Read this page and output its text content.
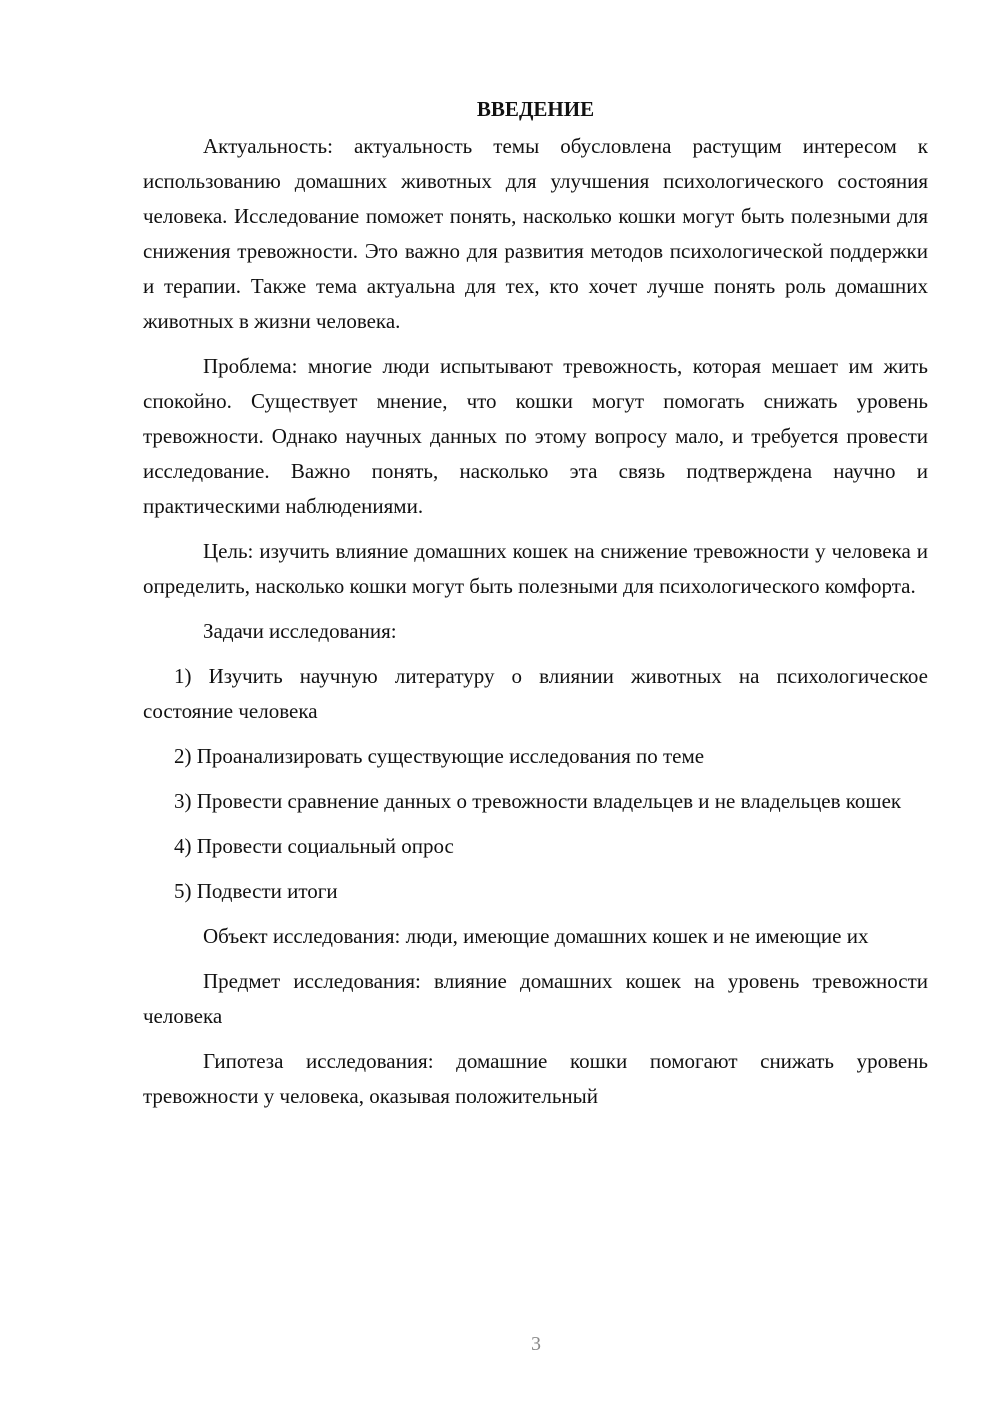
ВВЕДЕНИЕ

Актуальность: актуальность темы обусловлена растущим интересом к использованию домашних животных для улучшения психологического состояния человека. Исследование поможет понять, насколько кошки могут быть полезными для снижения тревожности. Это важно для развития методов психологической поддержки и терапии. Также тема актуальна для тех, кто хочет лучше понять роль домашних животных в жизни человека.

Проблема: многие люди испытывают тревожность, которая мешает им жить спокойно. Существует мнение, что кошки могут помогать снижать уровень тревожности. Однако научных данных по этому вопросу мало, и требуется провести исследование. Важно понять, насколько эта связь подтверждена научно и практическими наблюдениями.

Цель: изучить влияние домашних кошек на снижение тревожности у человека и определить, насколько кошки могут быть полезными для психологического комфорта.

Задачи исследования:

1) Изучить научную литературу о влиянии животных на психологическое состояние человека

2) Проанализировать существующие исследования по теме

3) Провести сравнение данных о тревожности владельцев и не владельцев кошек

4) Провести социальный опрос

5) Подвести итоги

Объект исследования: люди, имеющие домашних кошек и не имеющие их

Предмет исследования: влияние домашних кошек на уровень тревожности человека

Гипотеза исследования: домашние кошки помогают снижать уровень тревожности у человека, оказывая положительный

3
